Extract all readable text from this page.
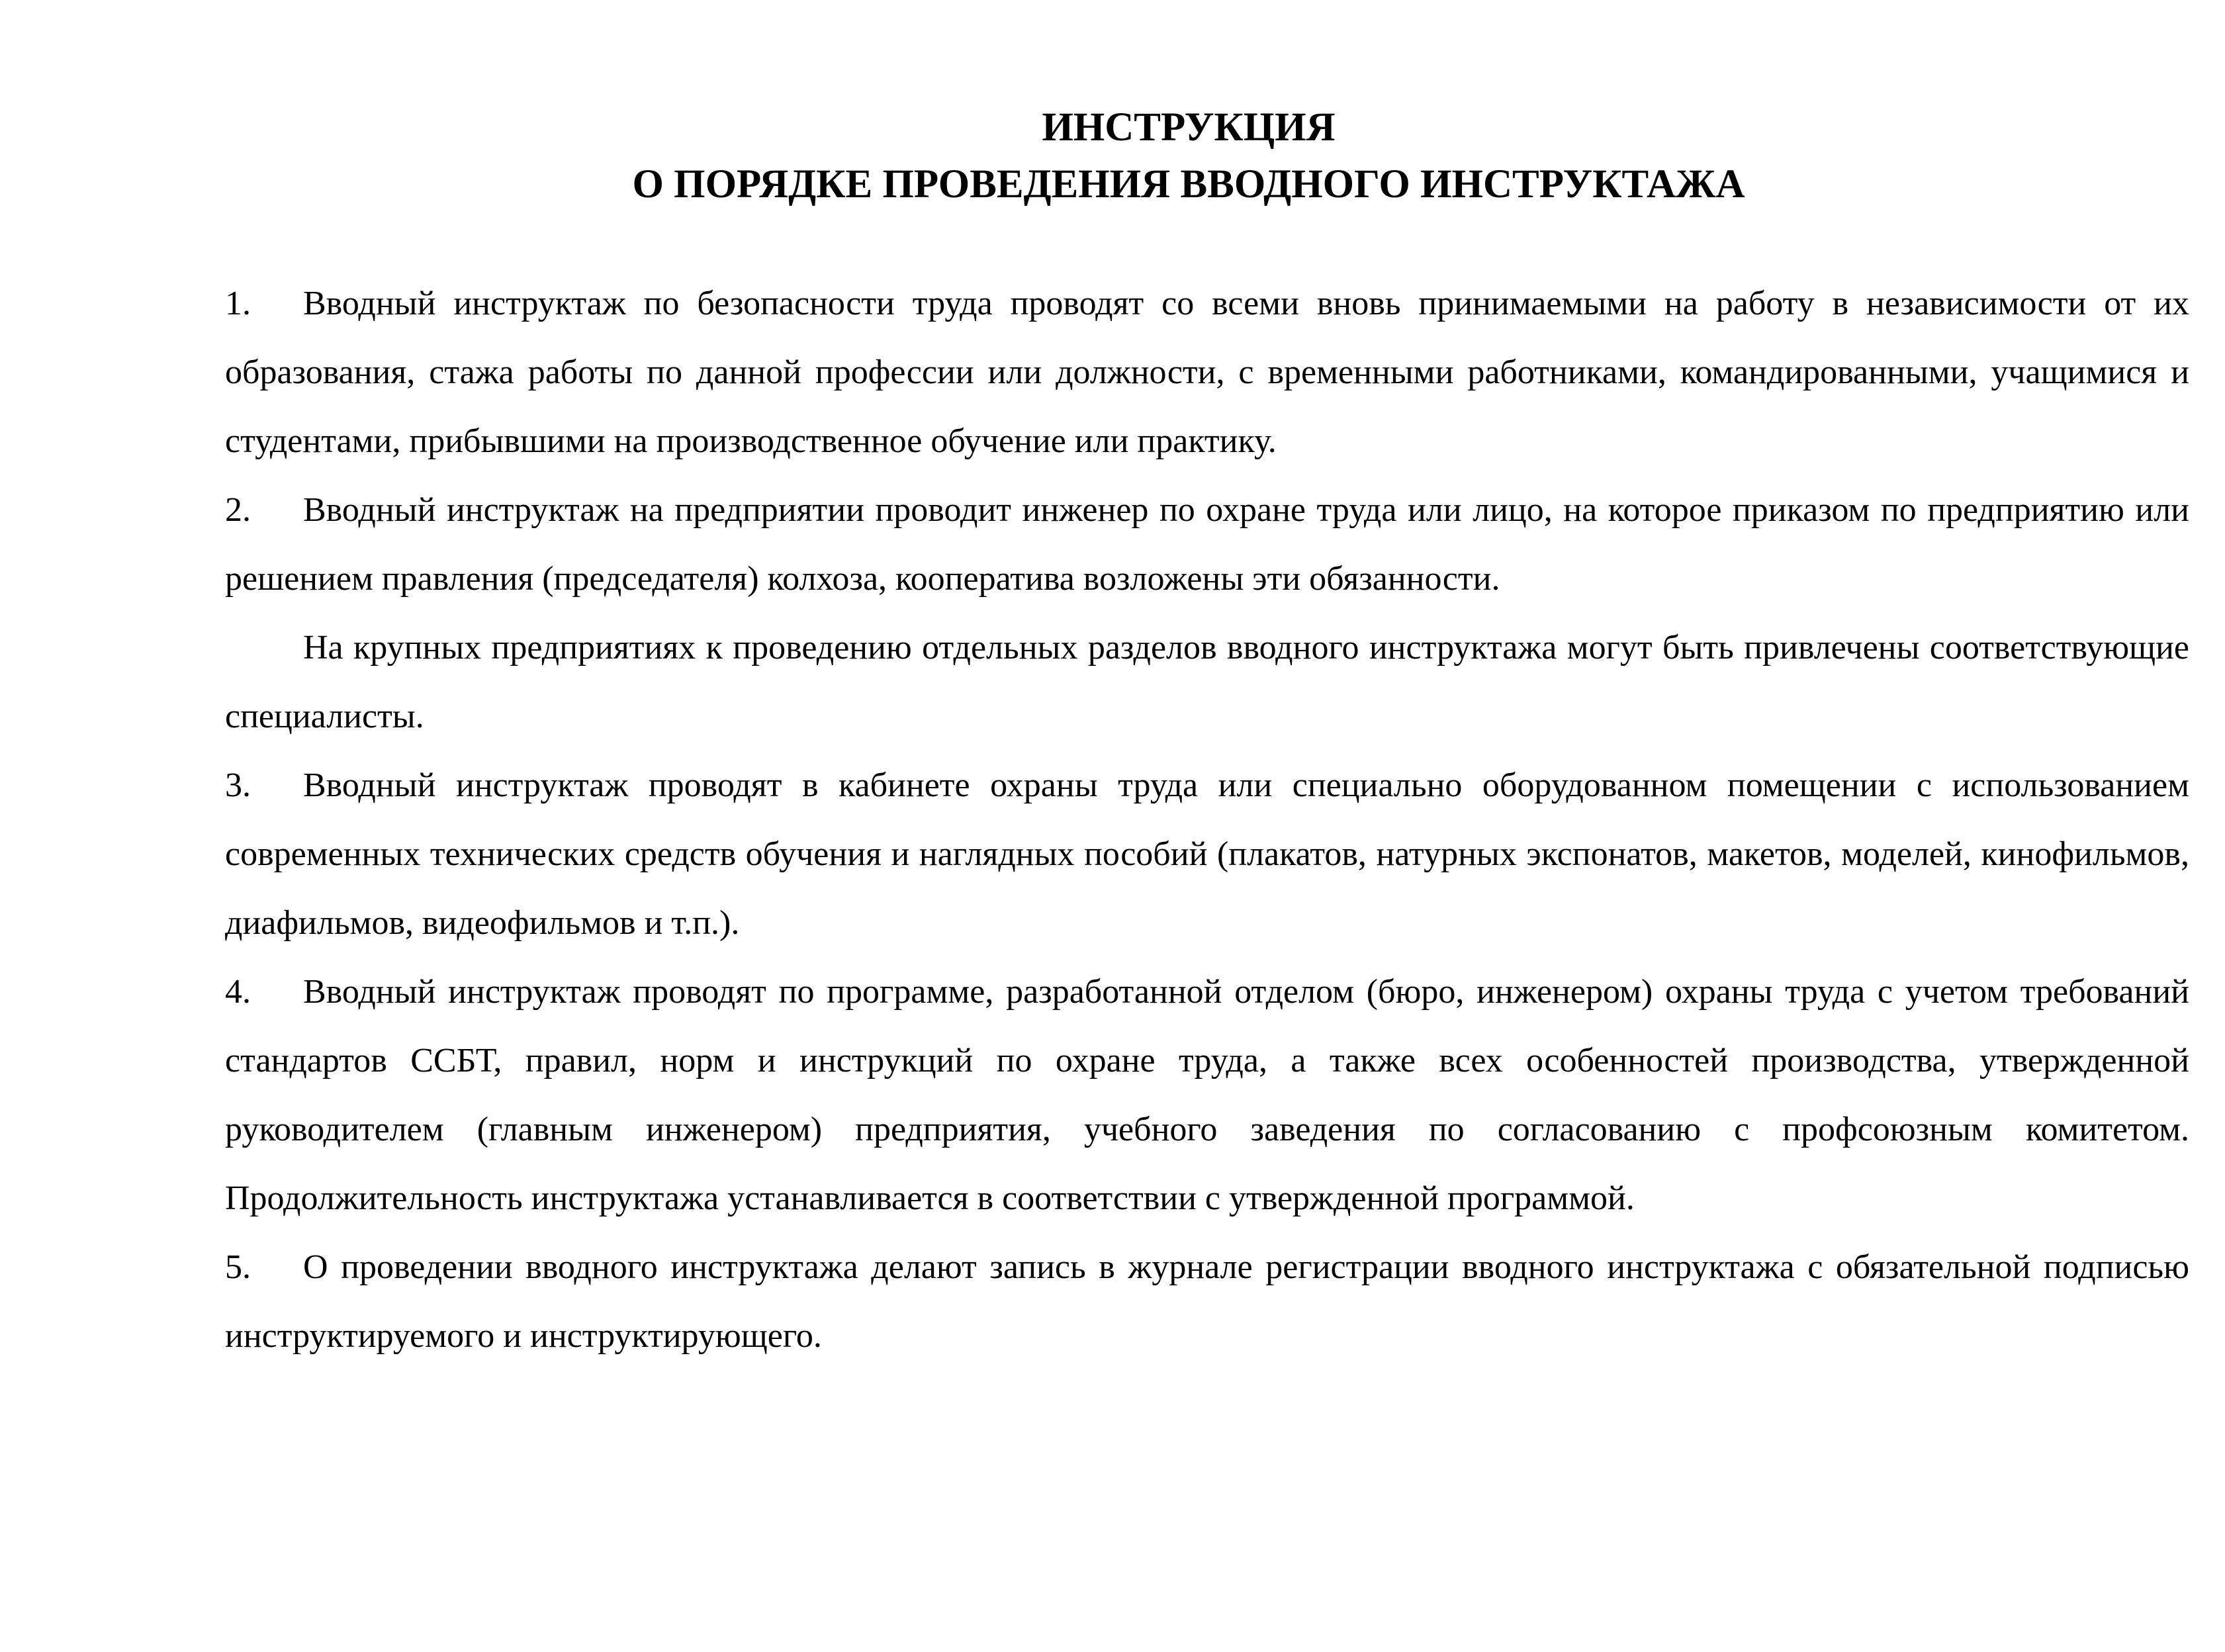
ИНСТРУКЦИЯ
О ПОРЯДКЕ ПРОВЕДЕНИЯ ВВОДНОГО ИНСТРУКТАЖА

1. Вводный инструктаж по безопасности труда проводят со всеми вновь принимаемыми на работу в независимости от их образования, стажа работы по данной профессии или должности, с временными работниками, командированными, учащимися и студентами, прибывшими на производственное обучение или практику.

2. Вводный инструктаж на предприятии проводит инженер по охране труда или лицо, на которое приказом по предприятию или решением правления (председателя) колхоза, кооператива возложены эти обязанности.

На крупных предприятиях к проведению отдельных разделов вводного инструктажа могут быть привлечены соответствующие специалисты.

3. Вводный инструктаж проводят в кабинете охраны труда или специально оборудованном помещении с использованием современных технических средств обучения и наглядных пособий (плакатов, натурных экспонатов, макетов, моделей, кинофильмов, диафильмов, видеофильмов и т.п.).

4. Вводный инструктаж проводят по программе, разработанной отделом (бюро, инженером) охраны труда с учетом требований стандартов ССБТ, правил, норм и инструкций по охране труда, а также всех особенностей производства, утвержденной руководителем (главным инженером) предприятия, учебного заведения по согласованию с профсоюзным комитетом. Продолжительность инструктажа устанавливается в соответствии с утвержденной программой.

5. О проведении вводного инструктажа делают запись в журнале регистрации вводного инструктажа с обязательной подписью инструктируемого и инструктирующего.
